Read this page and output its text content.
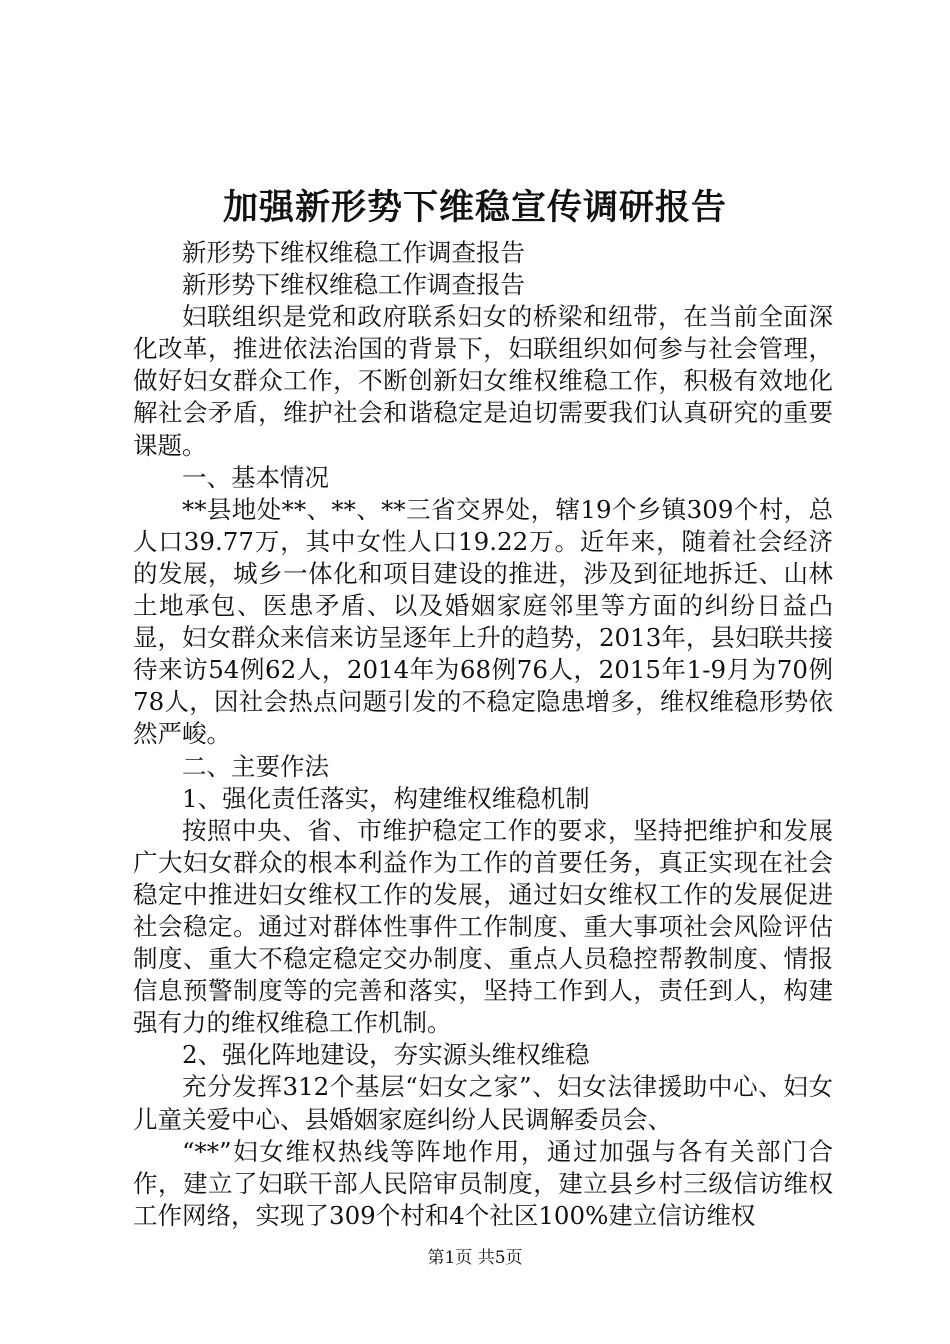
加强新形势下维稳宣传调研报告

新形势下维权维稳工作调查报告

新形势下维权维稳工作调查报告

妇联组织是党和政府联系妇女的桥梁和纽带，在当前全面深化改革，推进依法治国的背景下，妇联组织如何参与社会管理，做好妇女群众工作，不断创新妇女维权维稳工作，积极有效地化解社会矛盾，维护社会和谐稳定是迫切需要我们认真研究的重要课题。

一、基本情况

**县地处**、**、**三省交界处，辖19个乡镇309个村，总人口39.77万，其中女性人口19.22万。近年来，随着社会经济的发展，城乡一体化和项目建设的推进，涉及到征地拆迁、山林土地承包、医患矛盾、以及婚姻家庭邻里等方面的纠纷日益凸显，妇女群众来信来访呈逐年上升的趋势，2013年，县妇联共接待来访54例62人，2014年为68例76人，2015年1-9月为70例78人，因社会热点问题引发的不稳定隐患增多，维权维稳形势依然严峻。

二、主要作法

1、强化责任落实，构建维权维稳机制

按照中央、省、市维护稳定工作的要求，坚持把维护和发展广大妇女群众的根本利益作为工作的首要任务，真正实现在社会稳定中推进妇女维权工作的发展，通过妇女维权工作的发展促进社会稳定。通过对群体性事件工作制度、重大事项社会风险评估制度、重大不稳定稳定交办制度、重点人员稳控帮教制度、情报信息预警制度等的完善和落实，坚持工作到人，责任到人，构建强有力的维权维稳工作机制。

2、强化阵地建设，夯实源头维权维稳

充分发挥312个基层“妇女之家”、妇女法律援助中心、妇女儿童关爱中心、县婚姻家庭纠纷人民调解委员会、

“**”妇女维权热线等阵地作用，通过加强与各有关部门合作，建立了妇联干部人民陪审员制度，建立县乡村三级信访维权工作网络，实现了309个村和4个社区100%建立信访维权

第1页 共5页
